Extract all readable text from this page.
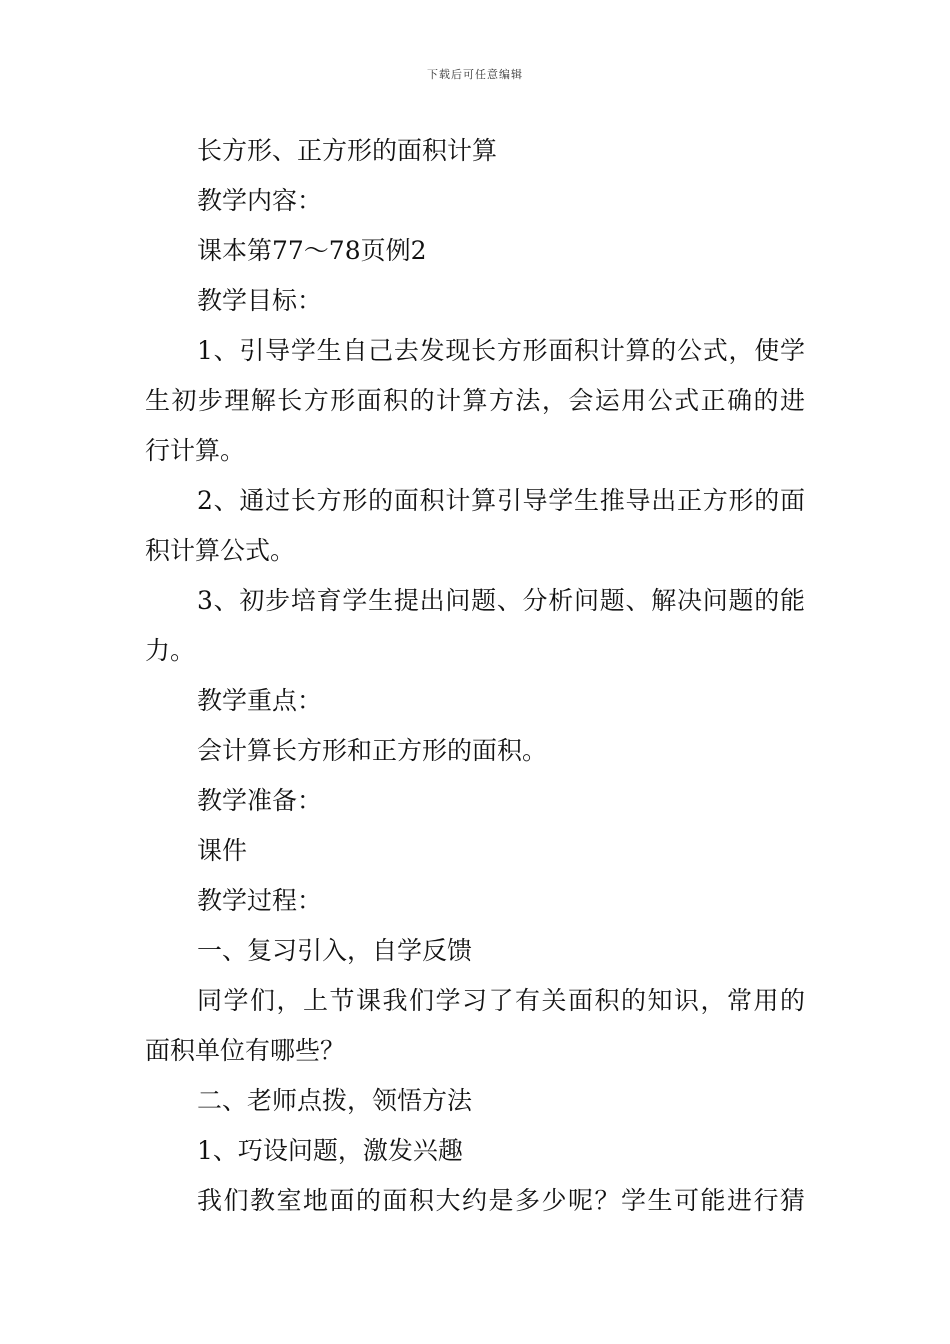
下载后可任意编辑
长方形、正方形的面积计算
教学内容：
课本第77～78页例2
教学目标：
1、引导学生自己去发现长方形面积计算的公式，使学
生初步理解长方形面积的计算方法，会运用公式正确的进
行计算。
2、通过长方形的面积计算引导学生推导出正方形的面
积计算公式。
3、初步培育学生提出问题、分析问题、解决问题的能
力。
教学重点：
会计算长方形和正方形的面积。
教学准备：
课件
教学过程：
一、复习引入，自学反馈
同学们，上节课我们学习了有关面积的知识，常用的
面积单位有哪些？
二、老师点拨，领悟方法
1、巧设问题，激发兴趣
我们教室地面的面积大约是多少呢？学生可能进行猜
